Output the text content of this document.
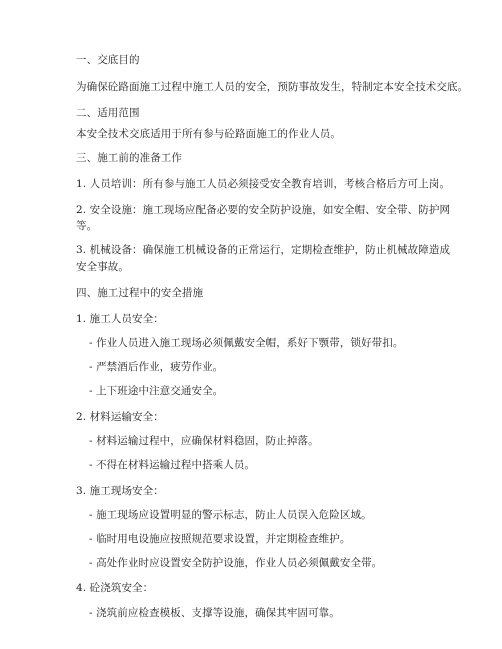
一、交底目的
为确保砼路面施工过程中施工人员的安全，预防事故发生，特制定本安全技术交底。
二、适用范围
本安全技术交底适用于所有参与砼路面施工的作业人员。
三、施工前的准备工作
1. 人员培训：所有参与施工人员必须接受安全教育培训，考核合格后方可上岗。
2. 安全设施：施工现场应配备必要的安全防护设施，如安全帽、安全带、防护网
等。
3. 机械设备：确保施工机械设备的正常运行，定期检查维护，防止机械故障造成
安全事故。
四、施工过程中的安全措施
1. 施工人员安全：
- 作业人员进入施工现场必须佩戴安全帽，系好下颚带，锁好带扣。
- 严禁酒后作业，疲劳作业。
- 上下班途中注意交通安全。
2. 材料运输安全：
- 材料运输过程中，应确保材料稳固，防止掉落。
- 不得在材料运输过程中搭乘人员。
3. 施工现场安全：
- 施工现场应设置明显的警示标志，防止人员误入危险区域。
- 临时用电设施应按照规范要求设置，并定期检查维护。
- 高处作业时应设置安全防护设施，作业人员必须佩戴安全带。
4. 砼浇筑安全：
- 浇筑前应检查模板、支撑等设施，确保其牢固可靠。
